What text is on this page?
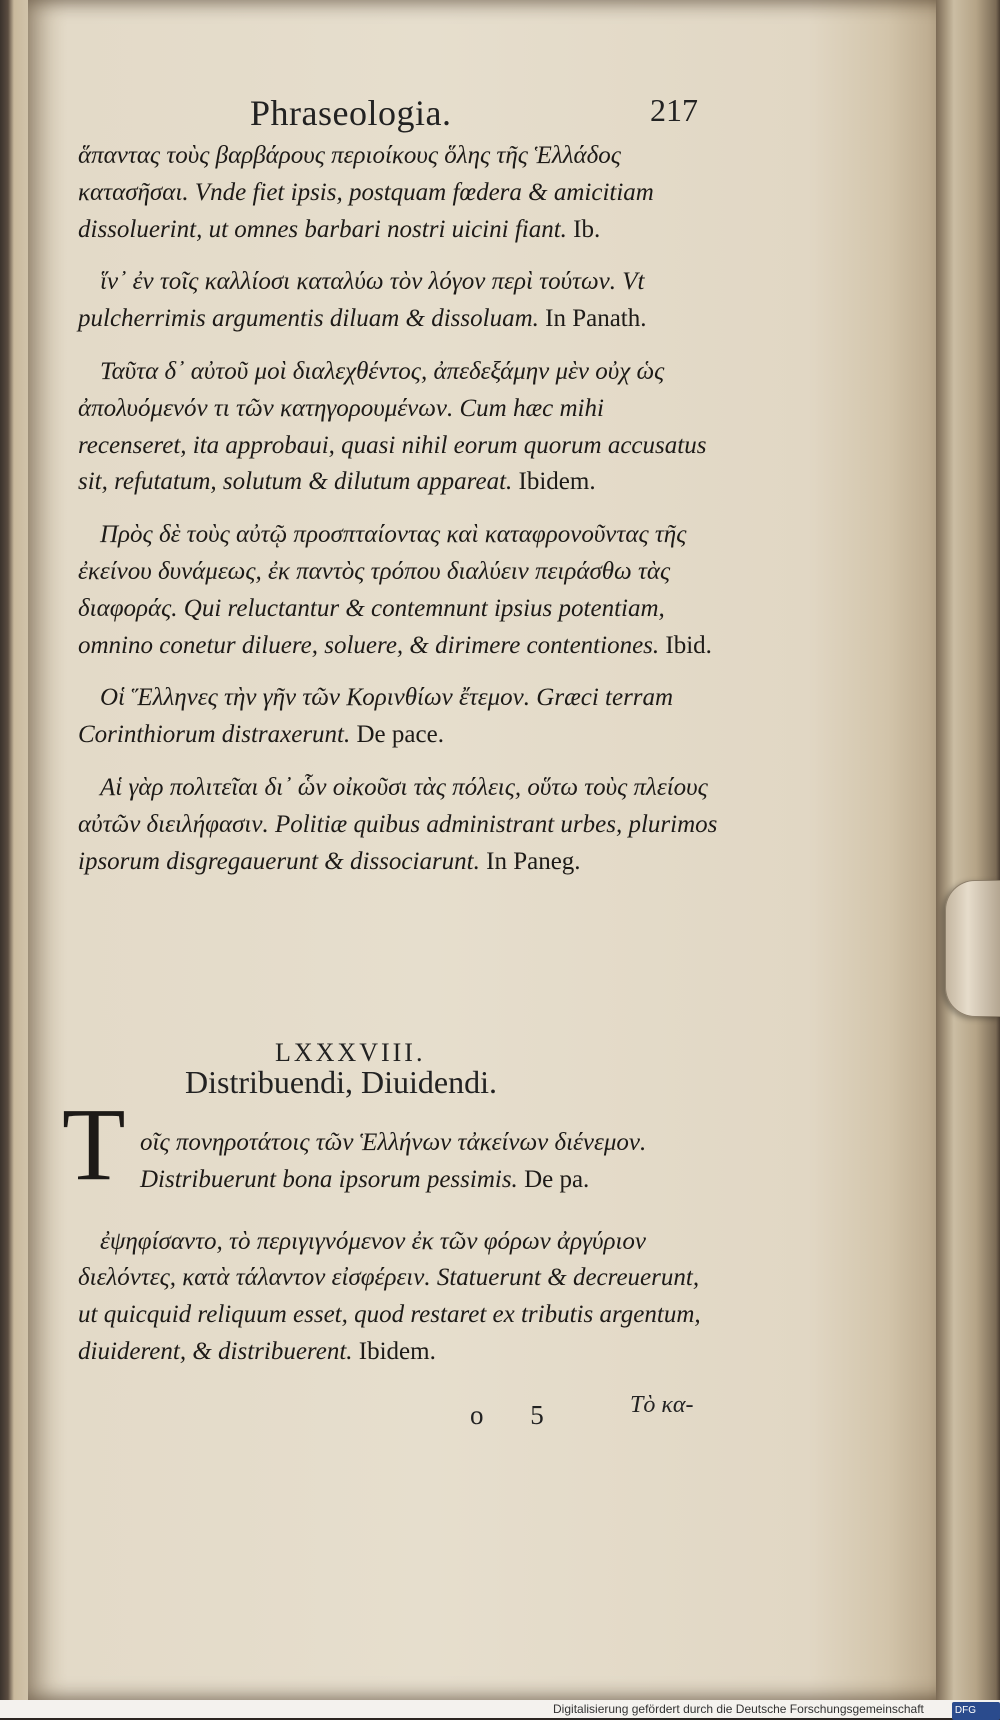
Phraseologia.	217

ἅπαντας τοὺς βαρβάρους περιοίκους ὅλης τῆς Ἑλλάδος κατασῆσαι. Vnde fiet ipsis, postquam fœdera & amicitiam dissoluerint, ut omnes barbari nostri uicini fiant. Ib.

ἵν᾽ ἐν τοῖς καλλίοσι καταλύω τὸν λόγον περὶ τούτων. Vt pulcherrimis argumentis diluam & dissoluam. In Panath.

Ταῦτα δ᾽ αὐτοῦ μοὶ διαλεχθέντος, ἀπεδεξάμην μὲν οὐχ ὡς ἀπολυόμενόν τι τῶν κατηγορουμένων. Cum hæc mihi recenseret, ita approbaui, quasi nihil eorum quorum accusatus sit, refutatum, solutum & dilutum appareat. Ibidem.

Πρὸς δὲ τοὺς αὐτῷ προσπταίοντας καὶ καταφρονοῦντας τῆς ἐκείνου δυνάμεως, ἐκ παντὸς τρόπου διαλύειν πειράσθω τὰς διαφοράς. Qui reluctantur & contemnunt ipsius potentiam, omnino conetur diluere, soluere, & dirimere contentiones. Ibid.

Οἱ Ἕλληνες τὴν γῆν τῶν Κορινθίων ἔτεμον. Græci terram Corinthiorum distraxerunt. De pace.

Αἱ γὰρ πολιτεῖαι δι᾽ ὧν οἰκοῦσι τὰς πόλεις, οὕτω τοὺς πλείους αὐτῶν διειλήφασιν. Politiæ quibus administrant urbes, plurimos ipsorum disgregauerunt & dissociarunt. In Paneg.

LXXXVIII.
Distribuendi, Diuidendi.
T οῖς πονηροτάτοις τῶν Ἑλλήνων τἀκείνων διένεμον. Distribuerunt bona ipsorum pessimis. De pa.

ἐψηφίσαντο, τὸ περιγιγνόμενον ἐκ τῶν φόρων ἀργύριον διελόντες, κατὰ τάλαντον εἰσφέρειν. Statuerunt & decreuerunt, ut quicquid reliquum esset, quod restaret ex tributis argentum, diuiderent, & distribuerent. Ibidem.

o 5	Τὸ κα-
Digitalisierung gefördert durch die Deutsche Forschungsgemeinschaft	DFG
